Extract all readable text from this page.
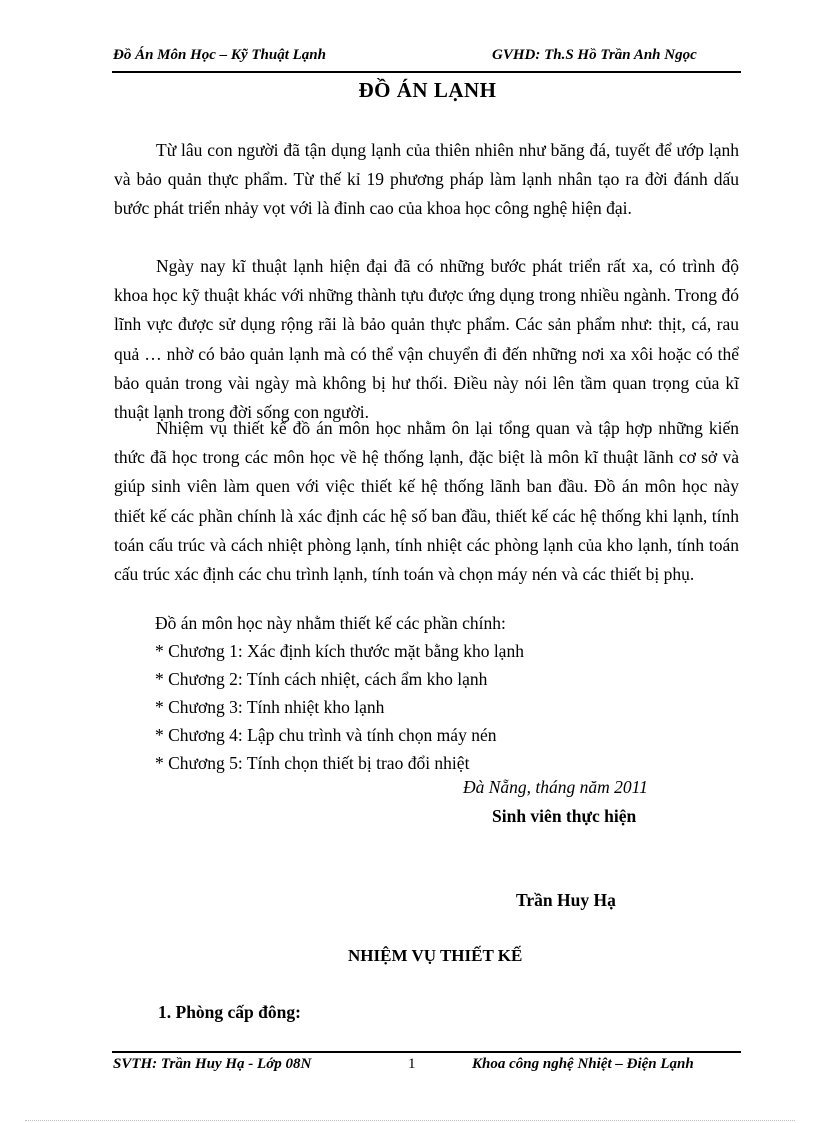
Đồ Án Môn Học – Kỹ Thuật Lạnh	GVHD: Th.S Hồ Trần Anh Ngọc
ĐỒ ÁN LẠNH
Từ lâu con người đã tận dụng lạnh của thiên nhiên như băng đá, tuyết để ướp lạnh và bảo quản thực phẩm. Từ thế kỉ 19 phương pháp làm lạnh nhân tạo ra đời đánh dấu bước phát triển nhảy vọt với là đỉnh cao của khoa học công nghệ hiện đại.
Ngày nay kĩ thuật lạnh hiện đại đã có những bước phát triển rất xa, có trình độ khoa học kỹ thuật khác với những thành tựu được ứng dụng trong nhiều ngành. Trong đó lĩnh vực được sử dụng rộng rãi là bảo quản thực phẩm. Các sản phẩm như: thịt, cá, rau quả … nhờ có bảo quản lạnh mà có thể vận chuyển đi đến những nơi xa xôi hoặc có thể bảo quản trong vài ngày mà không bị hư thối. Điều này nói lên tầm quan trọng của kĩ thuật lạnh trong đời sống con người.
Nhiệm vụ thiết kế đồ án môn học nhằm ôn lại tổng quan và tập hợp những kiến thức đã học trong các môn học về hệ thống lạnh, đặc biệt là môn kĩ thuật lãnh cơ sở và giúp sinh viên làm quen với việc thiết kế hệ thống lãnh ban đầu. Đồ án môn học này thiết kế các phần chính là xác định các hệ số ban đầu, thiết kế các hệ thống khi lạnh, tính toán cấu trúc và cách nhiệt phòng lạnh, tính nhiệt các phòng lạnh của kho lạnh, tính toán cấu trúc xác định các chu trình lạnh, tính toán và chọn máy nén và các thiết bị phụ.
Đồ án môn học này nhằm thiết kế các phần chính:
* Chương 1: Xác định kích thước mặt bằng kho lạnh
* Chương 2: Tính cách nhiệt, cách ẩm kho lạnh
* Chương 3: Tính nhiệt kho lạnh
* Chương 4: Lập chu trình và tính chọn máy nén
* Chương 5: Tính chọn thiết bị trao đổi nhiệt
Đà Nẵng, tháng năm 2011
Sinh viên thực hiện
Trần Huy Hạ
NHIỆM VỤ THIẾT KẾ
1. Phòng cấp đông:
SVTH: Trần Huy Hạ - Lớp 08N	1	Khoa công nghệ Nhiệt – Điện Lạnh
